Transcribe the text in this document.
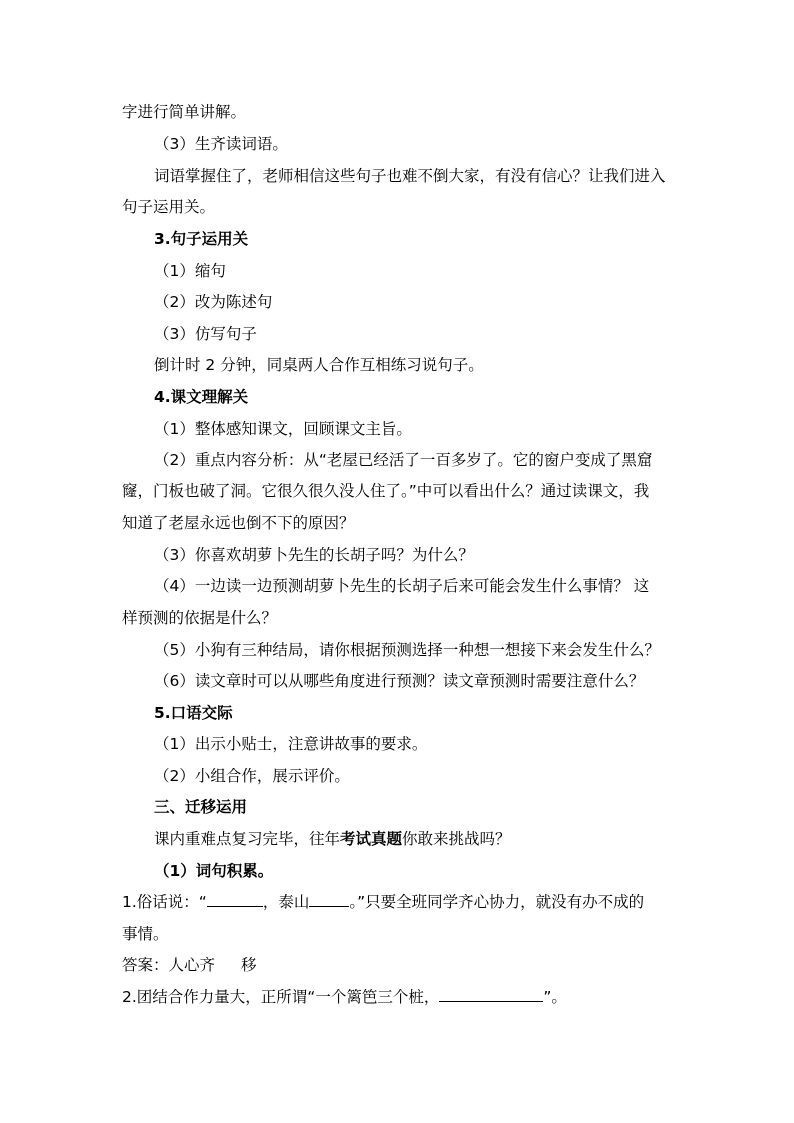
字进行简单讲解。
（3）生齐读词语。
词语掌握住了，老师相信这些句子也难不倒大家，有没有信心？让我们进入
句子运用关。
3.句子运用关
（1）缩句
（2）改为陈述句
（3）仿写句子
倒计时 2 分钟，同桌两人合作互相练习说句子。
4.课文理解关
（1）整体感知课文，回顾课文主旨。
（2）重点内容分析：从“老屋已经活了一百多岁了。它的窗户变成了黑窟
窿，门板也破了洞。它很久很久没人住了。”中可以看出什么？通过读课文，我
知道了老屋永远也倒不下的原因？
（3）你喜欢胡萝卜先生的长胡子吗？为什么？
（4）一边读一边预测胡萝卜先生的长胡子后来可能会发生什么事情？ 这
样预测的依据是什么？
（5）小狗有三种结局，请你根据预测选择一种想一想接下来会发生什么？
（6）读文章时可以从哪些角度进行预测？读文章预测时需要注意什么？
5.口语交际
（1）出示小贴士，注意讲故事的要求。
（2）小组合作，展示评价。
三、迁移运用
课内重难点复习完毕，往年考试真题你敢来挑战吗？
（1）词句积累。
1.俗话说：“	，泰山	。”只要全班同学齐心协力，就没有办不成的
事情。
答案：人心齐 移
2.团结合作力量大，正所谓“一个篱笆三个桩，	”。
